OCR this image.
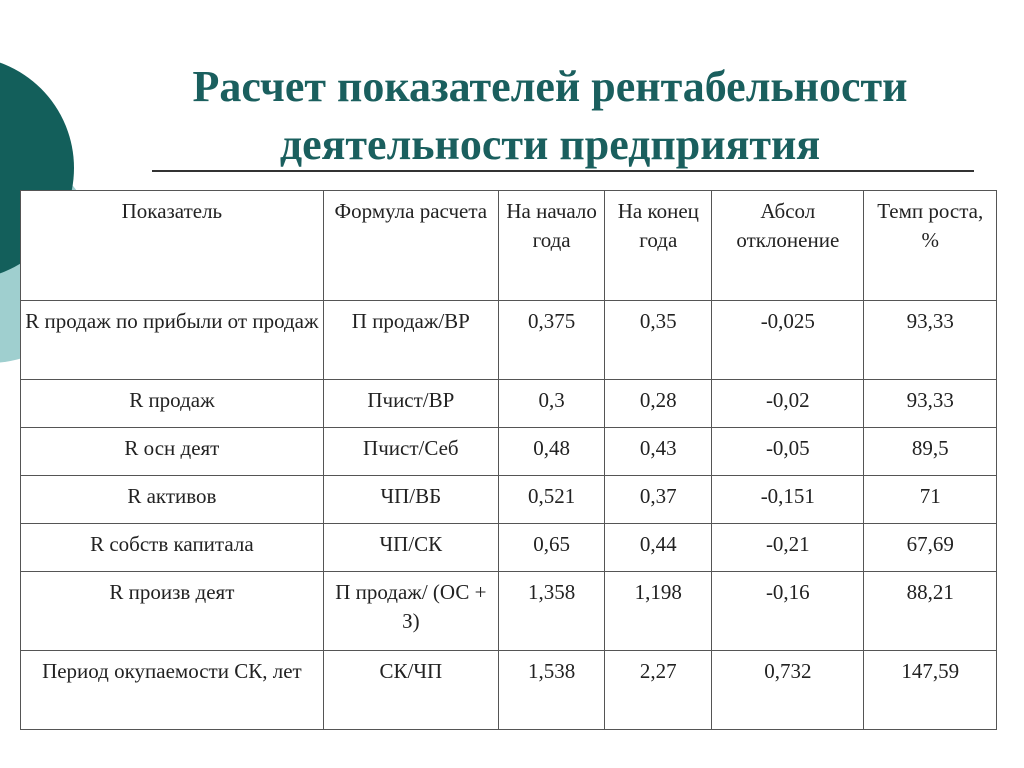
Расчет показателей рентабельности
деятельности предприятия
Показатель	Формула расчета	На начало года	На конец года	Абсол отклонение	Темп роста, %
R продаж по прибыли от продаж	П продаж/ВР	0,375	0,35	-0,025	93,33
R продаж	Пчист/ВР	0,3	0,28	-0,02	93,33
R осн деят	Пчист/Себ	0,48	0,43	-0,05	89,5
R активов	ЧП/ВБ	0,521	0,37	-0,151	71
R собств капитала	ЧП/СК	0,65	0,44	-0,21	67,69
R произв деят	П продаж/ (ОС + З)	1,358	1,198	-0,16	88,21
Период окупаемости СК, лет	СК/ЧП	1,538	2,27	0,732	147,59
